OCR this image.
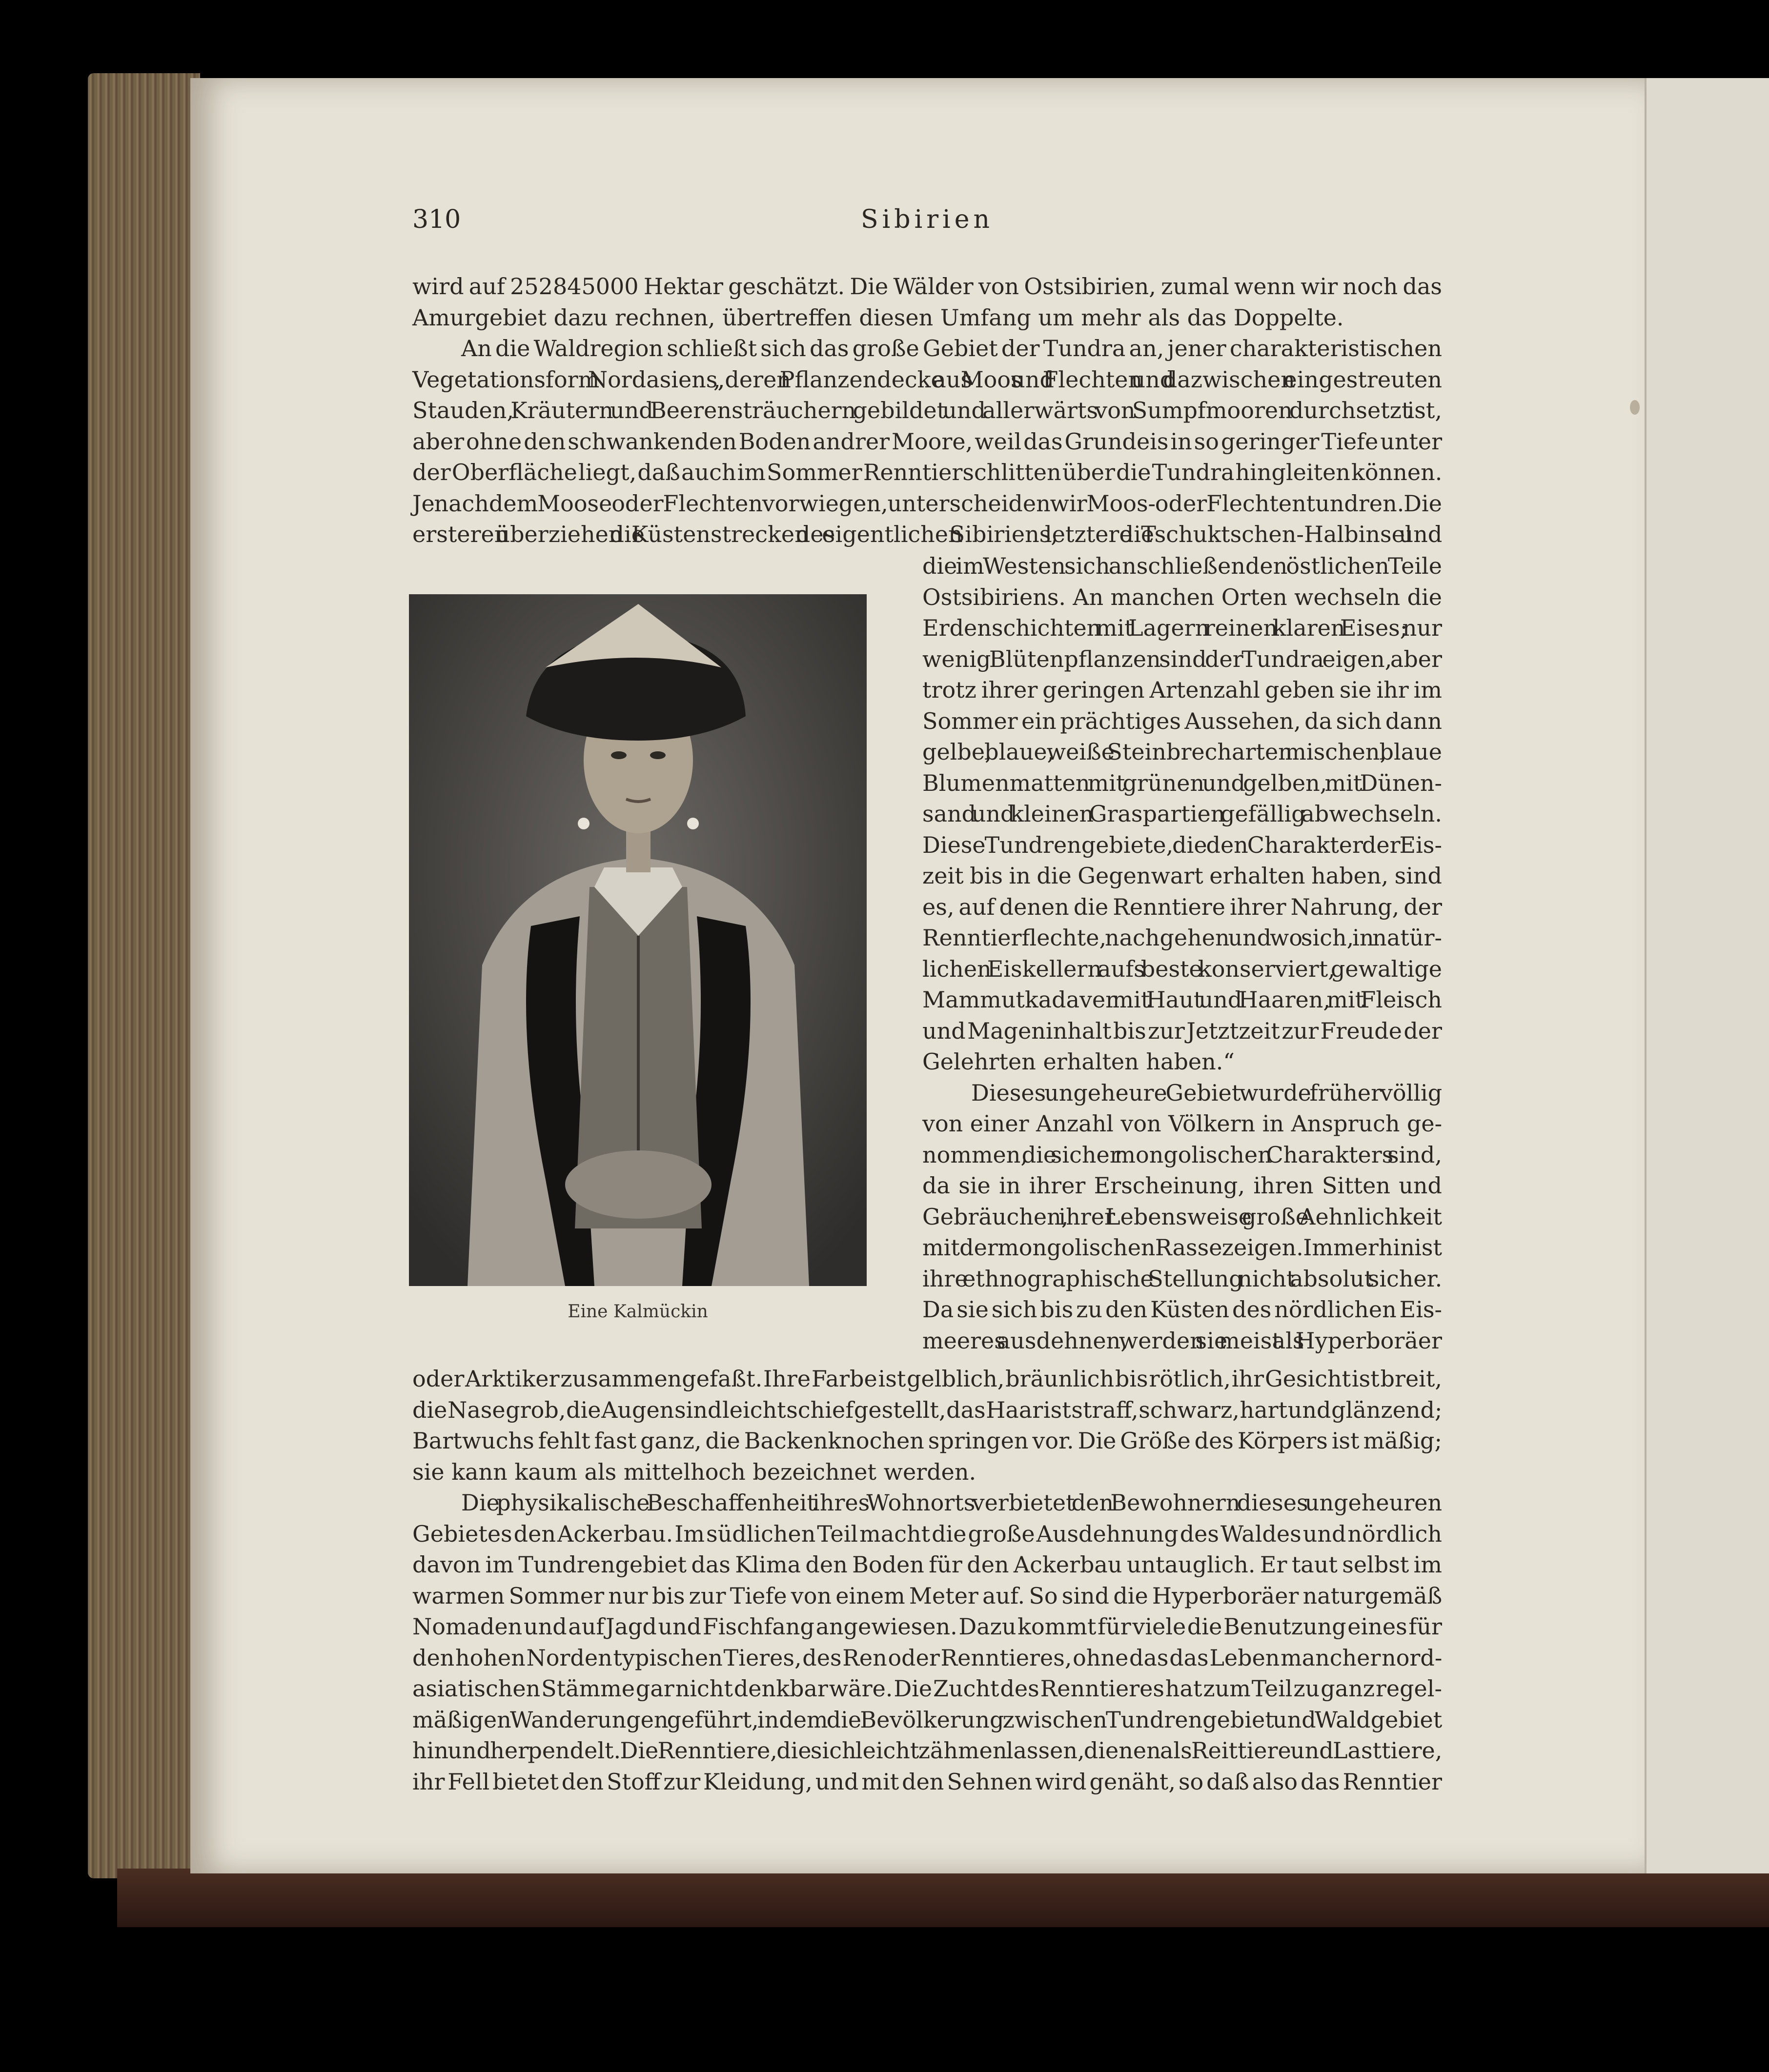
310	Sibirien
wird auf 252845000 Hektar geschätzt. Die Wälder von Ostsibirien, zumal wenn wir noch das
Amurgebiet dazu rechnen, übertreffen diesen Umfang um mehr als das Doppelte.
An die Waldregion schließt sich das große Gebiet der Tundra an, jener charakteristischen
Vegetationsform Nordasiens, „deren Pflanzendecke aus Moos und Flechten und dazwischen eingestreuten
Stauden, Kräutern und Beerensträuchern gebildet und allerwärts von Sumpfmooren durchsetzt ist,
aber ohne den schwankenden Boden andrer Moore, weil das Grundeis in so geringer Tiefe unter
der Oberfläche liegt, daß auch im Sommer Renntierschlitten über die Tundra hingleiten können.
Je nachdem Moose oder Flechten vorwiegen, unterscheiden wir Moos- oder Flechtentundren. Die
ersteren überziehen die Küstenstrecken des eigentlichen Sibiriens, letztere die Tschuktschen-Halbinsel und
Eine Kalmückin
die im Westen sich anschließenden östlichen Teile
Ostsibiriens. An manchen Orten wechseln die
Erdenschichten mit Lagern reinen klaren Eises; nur
wenig Blütenpflanzen sind der Tundra eigen, aber
trotz ihrer geringen Artenzahl geben sie ihr im
Sommer ein prächtiges Aussehen, da sich dann
gelbe, blaue, weiße Steinbrecharten mischen, blaue
Blumenmatten mit grünen und gelben, mit Dünen-
sand und kleinen Graspartien gefällig abwechseln.
Diese Tundrengebiete, die den Charakter der Eis-
zeit bis in die Gegenwart erhalten haben, sind
es, auf denen die Renntiere ihrer Nahrung, der
Renntierflechte, nachgehen und wo sich, in natür-
lichen Eiskellern aufs beste konserviert, gewaltige
Mammutkadaver mit Haut und Haaren, mit Fleisch
und Mageninhalt bis zur Jetztzeit zur Freude der
Gelehrten erhalten haben.“
Dieses ungeheure Gebiet wurde früher völlig
von einer Anzahl von Völkern in Anspruch ge-
nommen, die sicher mongolischen Charakters sind,
da sie in ihrer Erscheinung, ihren Sitten und
Gebräuchen, ihrer Lebensweise große Aehnlichkeit
mit der mongolischen Rasse zeigen. Immerhin ist
ihre ethnographische Stellung nicht absolut sicher.
Da sie sich bis zu den Küsten des nördlichen Eis-
meeres ausdehnen, werden sie meist als Hyperboräer
oder Arktiker zusammengefaßt. Ihre Farbe ist gelblich, bräunlich bis rötlich, ihr Gesicht ist breit,
die Nase grob, die Augen sind leicht schief gestellt, das Haar ist straff, schwarz, hart und glänzend;
Bartwuchs fehlt fast ganz, die Backenknochen springen vor. Die Größe des Körpers ist mäßig;
sie kann kaum als mittelhoch bezeichnet werden.
Die physikalische Beschaffenheit ihres Wohnorts verbietet den Bewohnern dieses ungeheuren
Gebietes den Ackerbau. Im südlichen Teil macht die große Ausdehnung des Waldes und nördlich
davon im Tundrengebiet das Klima den Boden für den Ackerbau untauglich. Er taut selbst im
warmen Sommer nur bis zur Tiefe von einem Meter auf. So sind die Hyperboräer naturgemäß
Nomaden und auf Jagd und Fischfang angewiesen. Dazu kommt für viele die Benutzung eines für
den hohen Norden typischen Tieres, des Ren oder Renntieres, ohne das das Leben mancher nord-
asiatischen Stämme gar nicht denkbar wäre. Die Zucht des Renntieres hat zum Teil zu ganz regel-
mäßigen Wanderungen geführt, indem die Bevölkerung zwischen Tundrengebiet und Waldgebiet
hin und her pendelt. Die Renntiere, die sich leicht zähmen lassen, dienen als Reittiere und Lasttiere,
ihr Fell bietet den Stoff zur Kleidung, und mit den Sehnen wird genäht, so daß also das Renntier
